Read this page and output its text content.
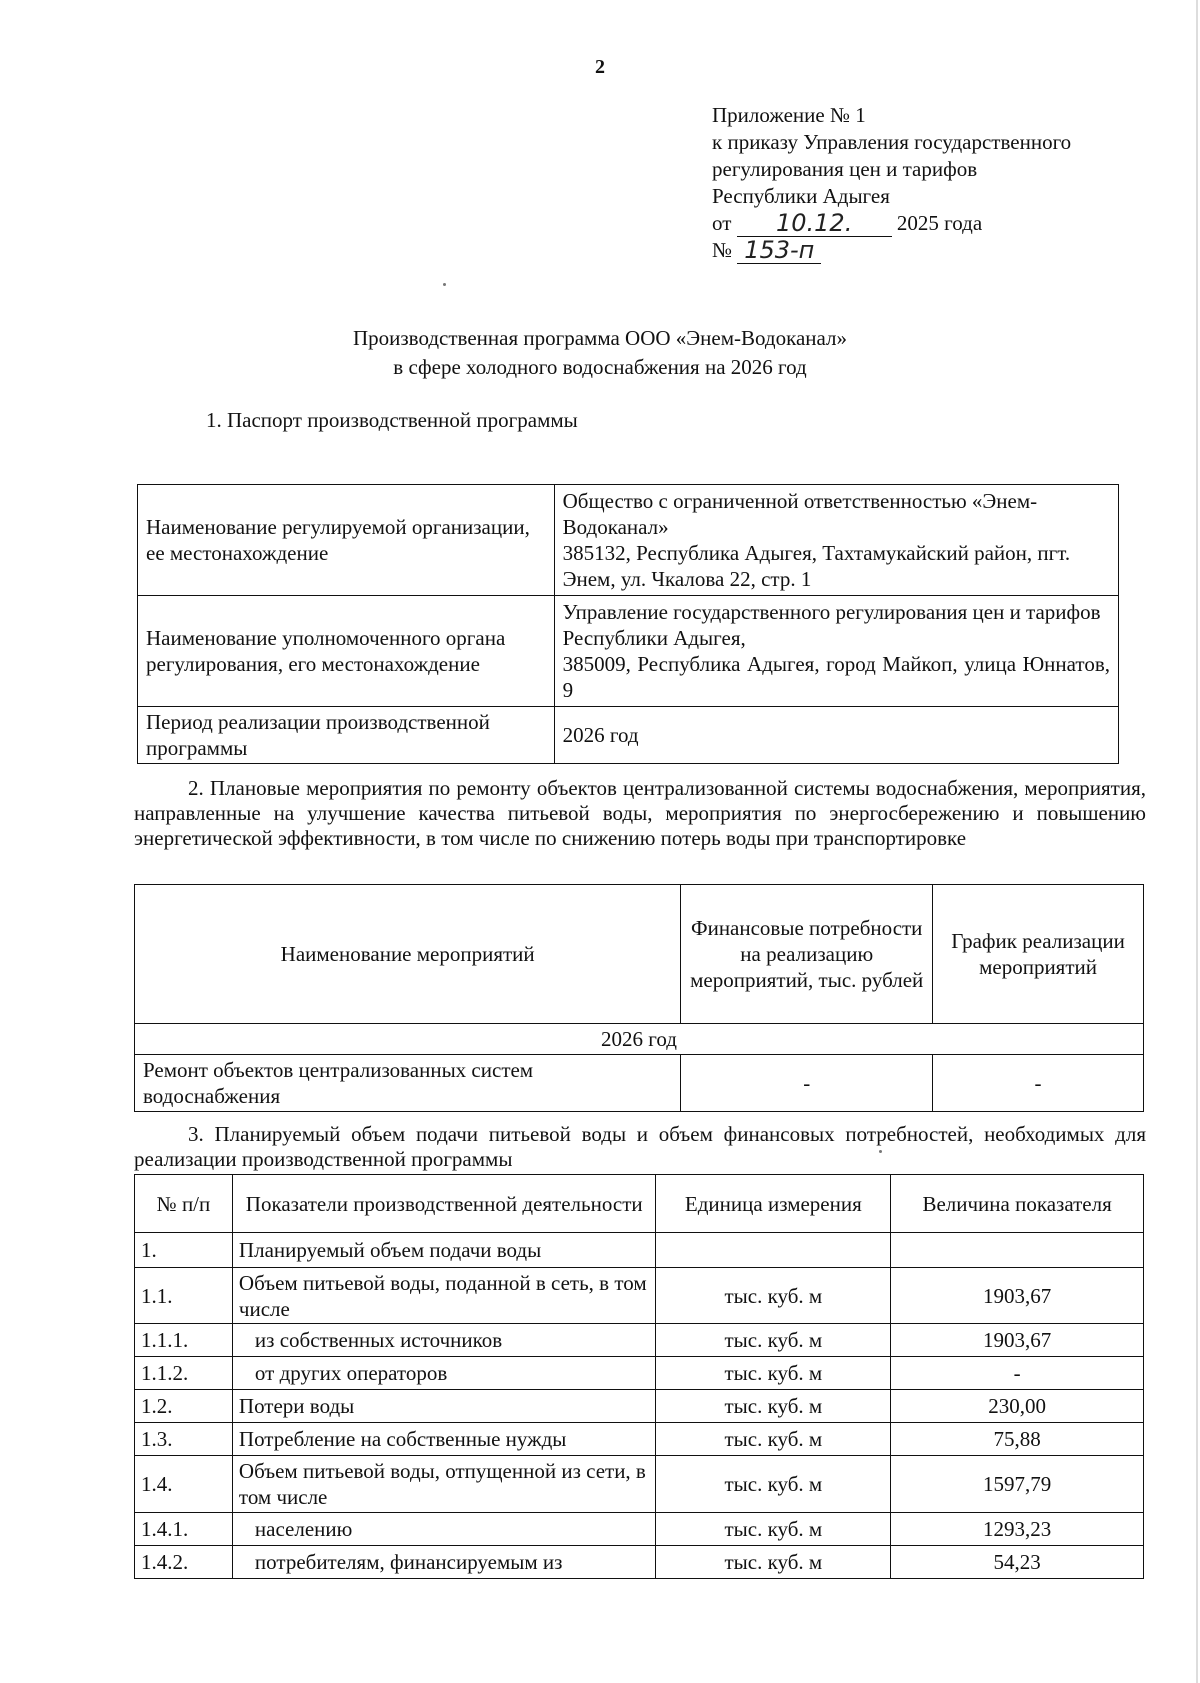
2
Приложение № 1
к приказу Управления государственного
регулирования цен и тарифов
Республики Адыгея
от 10.12. 2025 года
№ 153-п
Производственная программа ООО «Энем-Водоканал»
в сфере холодного водоснабжения на 2026 год
1. Паспорт производственной программы
Наименование регулируемой организации, ее местонахождение	Общество с ограниченной ответственностью «Энем-Водоканал»
385132, Республика Адыгея, Тахтамукайский район, пгт. Энем, ул. Чкалова 22, стр. 1

Наименование уполномоченного органа регулирования, его местонахождение	Управление государственного регулирования цен и тарифов Республики Адыгея,
385009, Республика Адыгея, город Майкоп, улица Юннатов, 9

Период реализации производственной программы	2026 год
2. Плановые мероприятия по ремонту объектов централизованной системы водоснабжения, мероприятия, направленные на улучшение качества питьевой воды, мероприятия по энергосбережению и повышению энергетической эффективности, в том числе по снижению потерь воды при транспортировке
Наименование мероприятий	Финансовые потребности на реализацию мероприятий, тыс. рублей	График реализации мероприятий
2026 год		
Ремонт объектов централизованных систем водоснабжения	-	-
3. Планируемый объем подачи питьевой воды и объем финансовых потребностей, необходимых для реализации производственной программы
№ п/п	Показатели производственной деятельности	Единица измерения	Величина показателя
1.	Планируемый объем подачи воды		
1.1.	Объем питьевой воды, поданной в сеть, в том числе	тыс. куб. м	1903,67
1.1.1.	из собственных источников	тыс. куб. м	1903,67
1.1.2.	от других операторов	тыс. куб. м	-
1.2.	Потери воды	тыс. куб. м	230,00
1.3.	Потребление на собственные нужды	тыс. куб. м	75,88
1.4.	Объем питьевой воды, отпущенной из сети, в том числе	тыс. куб. м	1597,79
1.4.1.	населению	тыс. куб. м	1293,23
1.4.2.	потребителям, финансируемым из	тыс. куб. м	54,23
